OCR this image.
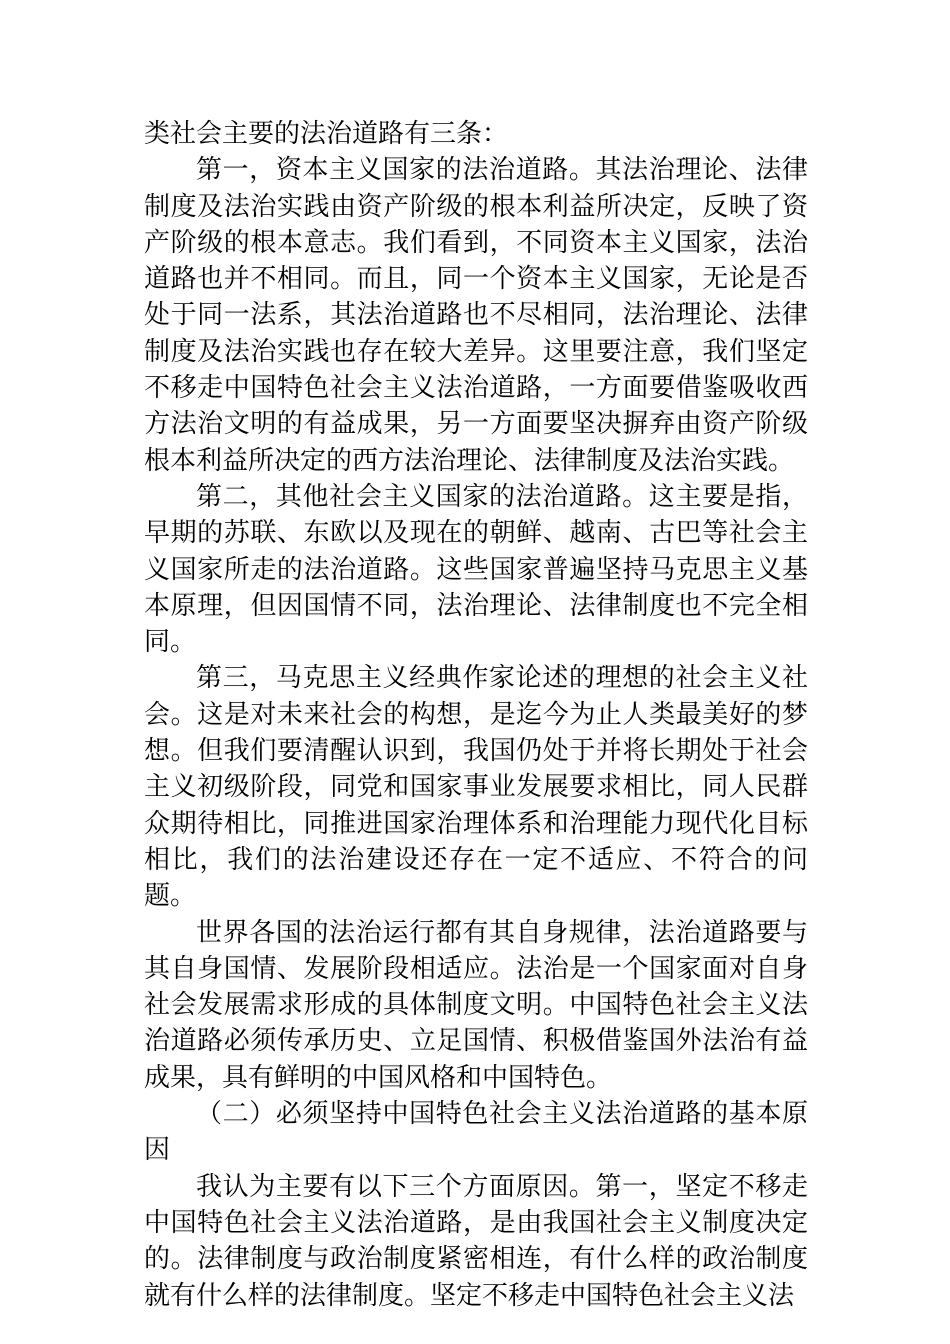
类社会主要的法治道路有三条：

第一，资本主义国家的法治道路。其法治理论、法律制度及法治实践由资产阶级的根本利益所决定，反映了资产阶级的根本意志。我们看到，不同资本主义国家，法治道路也并不相同。而且，同一个资本主义国家，无论是否处于同一法系，其法治道路也不尽相同，法治理论、法律制度及法治实践也存在较大差异。这里要注意，我们坚定不移走中国特色社会主义法治道路，一方面要借鉴吸收西方法治文明的有益成果，另一方面要坚决摒弃由资产阶级根本利益所决定的西方法治理论、法律制度及法治实践。

第二，其他社会主义国家的法治道路。这主要是指，早期的苏联、东欧以及现在的朝鲜、越南、古巴等社会主义国家所走的法治道路。这些国家普遍坚持马克思主义基本原理，但因国情不同，法治理论、法律制度也不完全相同。

第三，马克思主义经典作家论述的理想的社会主义社会。这是对未来社会的构想，是迄今为止人类最美好的梦想。但我们要清醒认识到，我国仍处于并将长期处于社会主义初级阶段，同党和国家事业发展要求相比，同人民群众期待相比，同推进国家治理体系和治理能力现代化目标相比，我们的法治建设还存在一定不适应、不符合的问题。

世界各国的法治运行都有其自身规律，法治道路要与其自身国情、发展阶段相适应。法治是一个国家面对自身社会发展需求形成的具体制度文明。中国特色社会主义法治道路必须传承历史、立足国情、积极借鉴国外法治有益成果，具有鲜明的中国风格和中国特色。

（二）必须坚持中国特色社会主义法治道路的基本原因

我认为主要有以下三个方面原因。第一，坚定不移走中国特色社会主义法治道路，是由我国社会主义制度决定的。法律制度与政治制度紧密相连，有什么样的政治制度就有什么样的法律制度。坚定不移走中国特色社会主义法
